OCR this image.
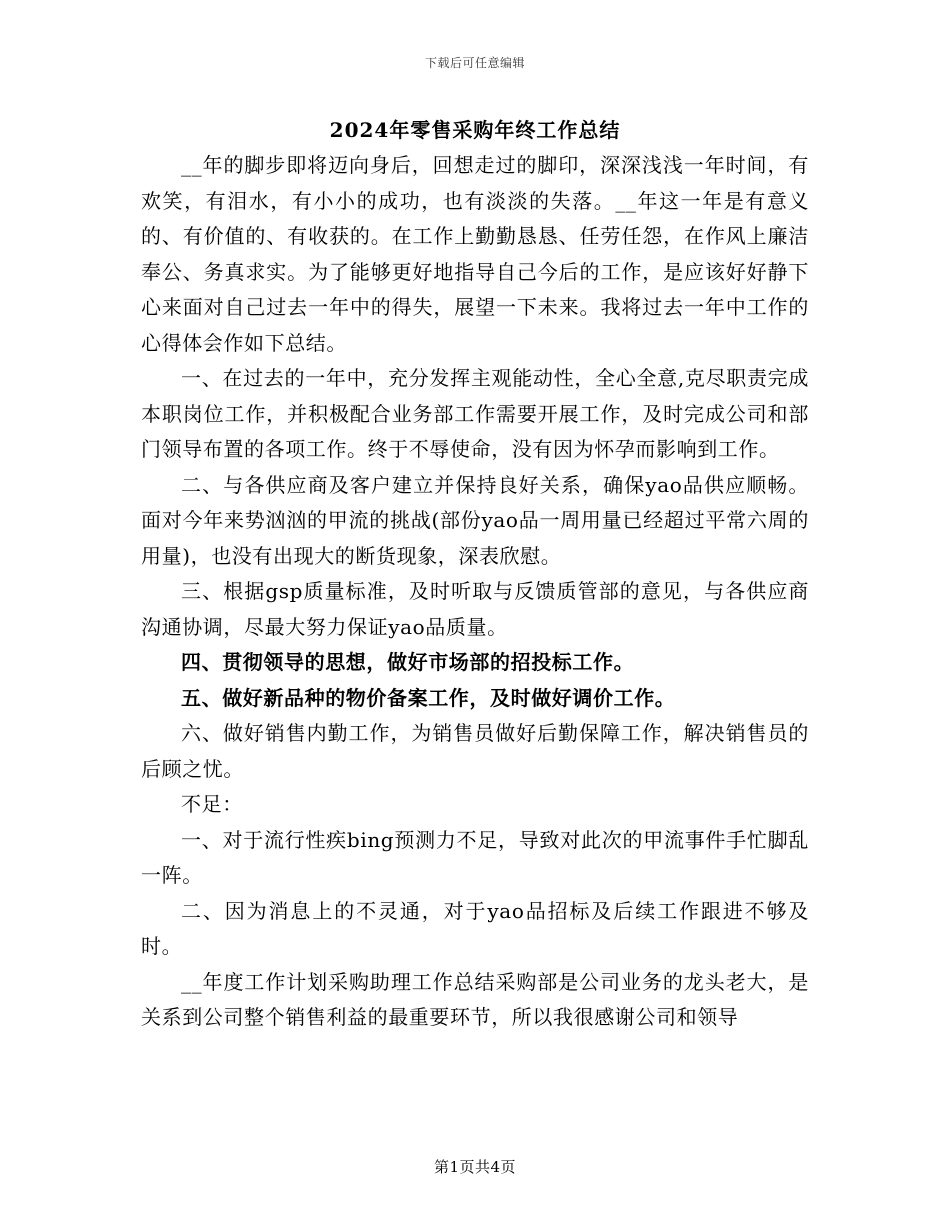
下载后可任意编辑
2024年零售采购年终工作总结

__年的脚步即将迈向身后，回想走过的脚印，深深浅浅一年时间，有欢笑，有泪水，有小小的成功，也有淡淡的失落。__年这一年是有意义的、有价值的、有收获的。在工作上勤勤恳恳、任劳任怨，在作风上廉洁奉公、务真求实。为了能够更好地指导自己今后的工作，是应该好好静下心来面对自己过去一年中的得失，展望一下未来。我将过去一年中工作的心得体会作如下总结。

一、在过去的一年中，充分发挥主观能动性，全心全意,克尽职责完成本职岗位工作，并积极配合业务部工作需要开展工作，及时完成公司和部门领导布置的各项工作。终于不辱使命，没有因为怀孕而影响到工作。

二、与各供应商及客户建立并保持良好关系，确保yao品供应顺畅。面对今年来势汹汹的甲流的挑战(部份yao品一周用量已经超过平常六周的用量)，也没有出现大的断货现象，深表欣慰。

三、根据gsp质量标准，及时听取与反馈质管部的意见，与各供应商沟通协调，尽最大努力保证yao品质量。

四、贯彻领导的思想，做好市场部的招投标工作。

五、做好新品种的物价备案工作，及时做好调价工作。

六、做好销售内勤工作，为销售员做好后勤保障工作，解决销售员的后顾之忧。

不足：

一、对于流行性疾bing预测力不足，导致对此次的甲流事件手忙脚乱一阵。

二、因为消息上的不灵通，对于yao品招标及后续工作跟进不够及时。

__年度工作计划采购助理工作总结采购部是公司业务的龙头老大，是关系到公司整个销售利益的最重要环节，所以我很感谢公司和领导

第1页共4页
